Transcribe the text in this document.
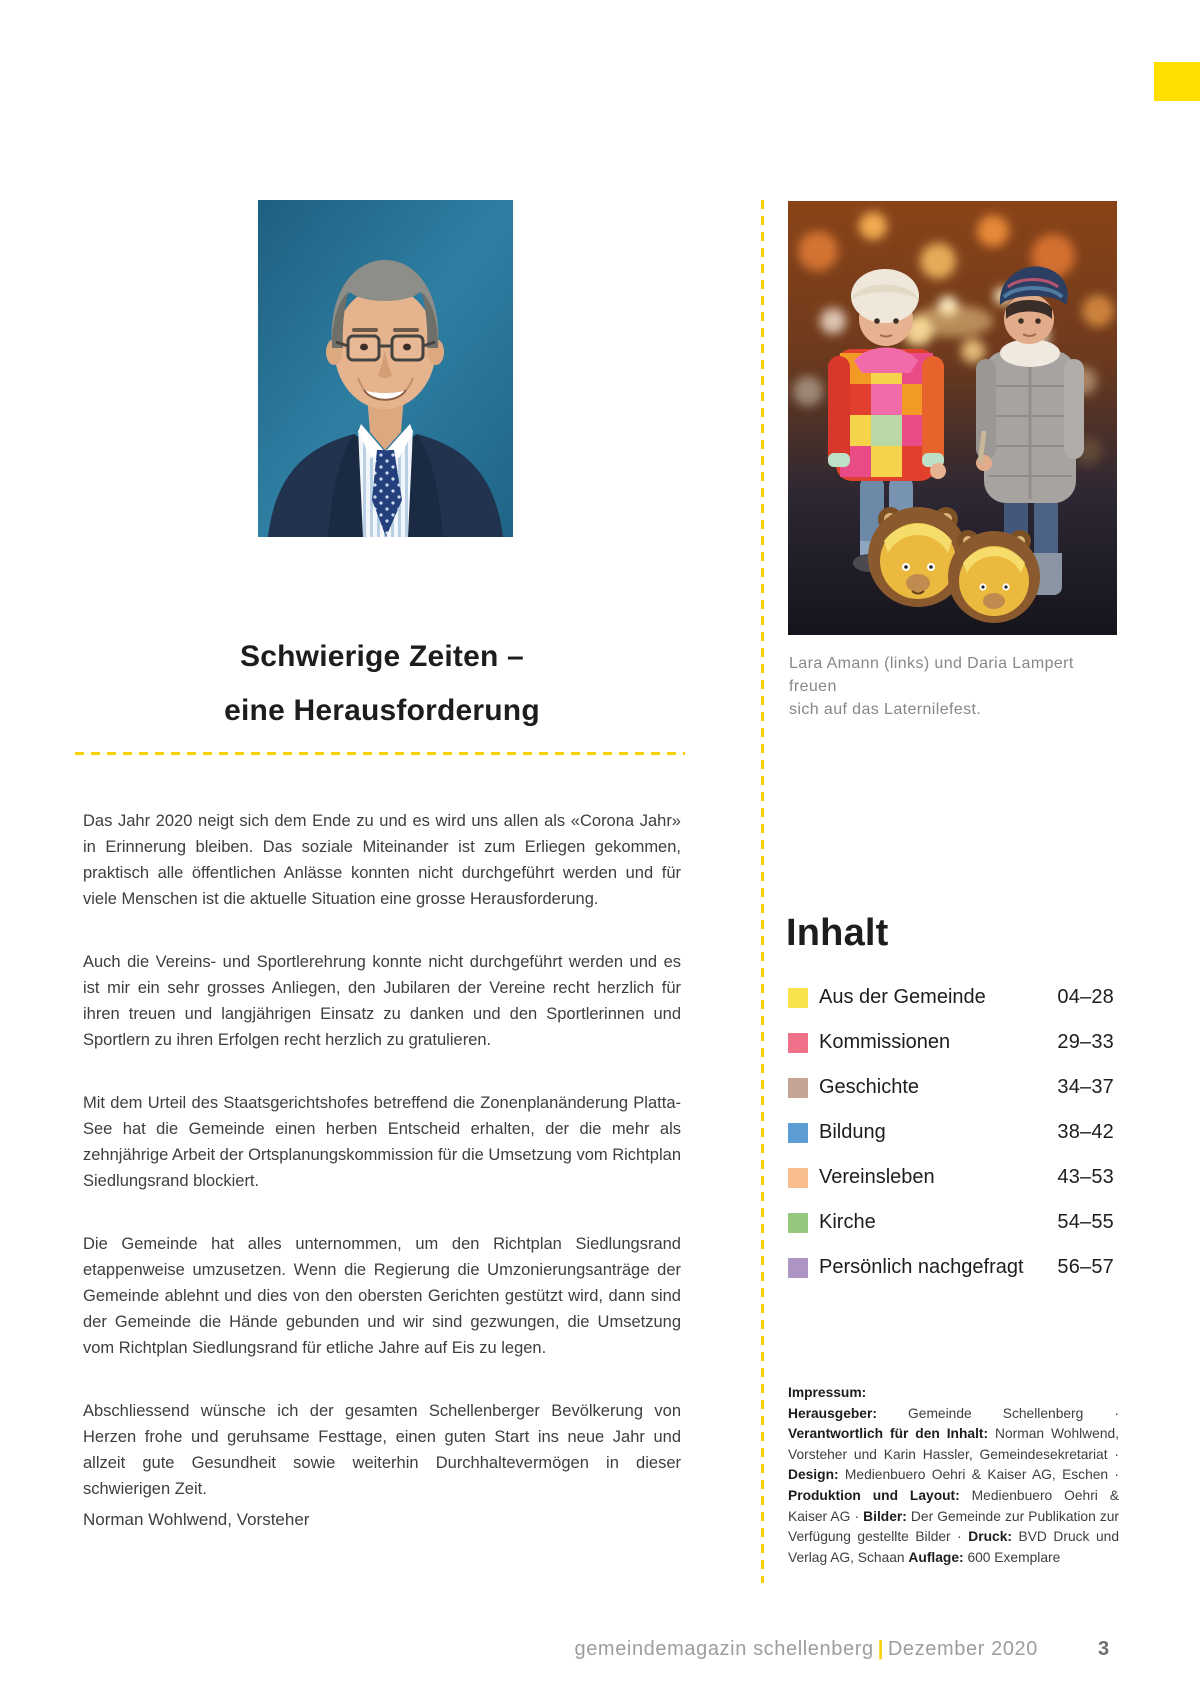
Schwierige Zeiten –
eine Herausforderung

Das Jahr 2020 neigt sich dem Ende zu und es wird uns allen als «Corona Jahr» in Erinnerung bleiben. Das soziale Miteinander ist zum Erliegen gekommen, praktisch alle öffentlichen Anlässe konnten nicht durchgeführt werden und für viele Menschen ist die aktuelle Situation eine grosse Herausforderung.

Auch die Vereins- und Sportlerehrung konnte nicht durchgeführt werden und es ist mir ein sehr grosses Anliegen, den Jubilaren der Vereine recht herzlich für ihren treuen und langjährigen Einsatz zu danken und den Sportlerinnen und Sportlern zu ihren Erfolgen recht herzlich zu gratulieren.

Mit dem Urteil des Staatsgerichtshofes betreffend die Zonenplanänderung Platta-See hat die Gemeinde einen herben Entscheid erhalten, der die mehr als zehnjährige Arbeit der Ortsplanungskommission für die Umsetzung vom Richtplan Siedlungsrand blockiert.

Die Gemeinde hat alles unternommen, um den Richtplan Siedlungsrand etappenweise umzusetzen. Wenn die Regierung die Umzonierungsanträge der Gemeinde ablehnt und dies von den obersten Gerichten gestützt wird, dann sind der Gemeinde die Hände gebunden und wir sind gezwungen, die Umsetzung vom Richtplan Siedlungsrand für etliche Jahre auf Eis zu legen.

Abschliessend wünsche ich der gesamten Schellenberger Bevölkerung von Herzen frohe und geruhsame Festtage, einen guten Start ins neue Jahr und allzeit gute Gesundheit sowie weiterhin Durchhaltevermögen in dieser schwierigen Zeit.

Norman Wohlwend, Vorsteher
Lara Amann (links) und Daria Lampert freuen
sich auf das Laternilefest.
Inhalt
Aus der Gemeinde	04–28
Kommissionen	29–33
Geschichte	34–37
Bildung	38–42
Vereinsleben	43–53
Kirche	54–55
Persönlich nachgefragt 56–57

Impressum:

Herausgeber: Gemeinde Schellenberg · Verantwortlich für den Inhalt: Norman Wohlwend, Vorsteher und Karin Hassler, Gemeindesekretariat · Design: Medienbuero Oehri & Kaiser AG, Eschen · Produktion und Layout: Medienbuero Oehri & Kaiser AG · Bilder: Der Gemeinde zur Publikation zur Verfügung gestellte Bilder · Druck: BVD Druck und Verlag AG, Schaan Auflage: 600 Exemplare

gemeindemagazin schellenberg | Dezember 2020	3
